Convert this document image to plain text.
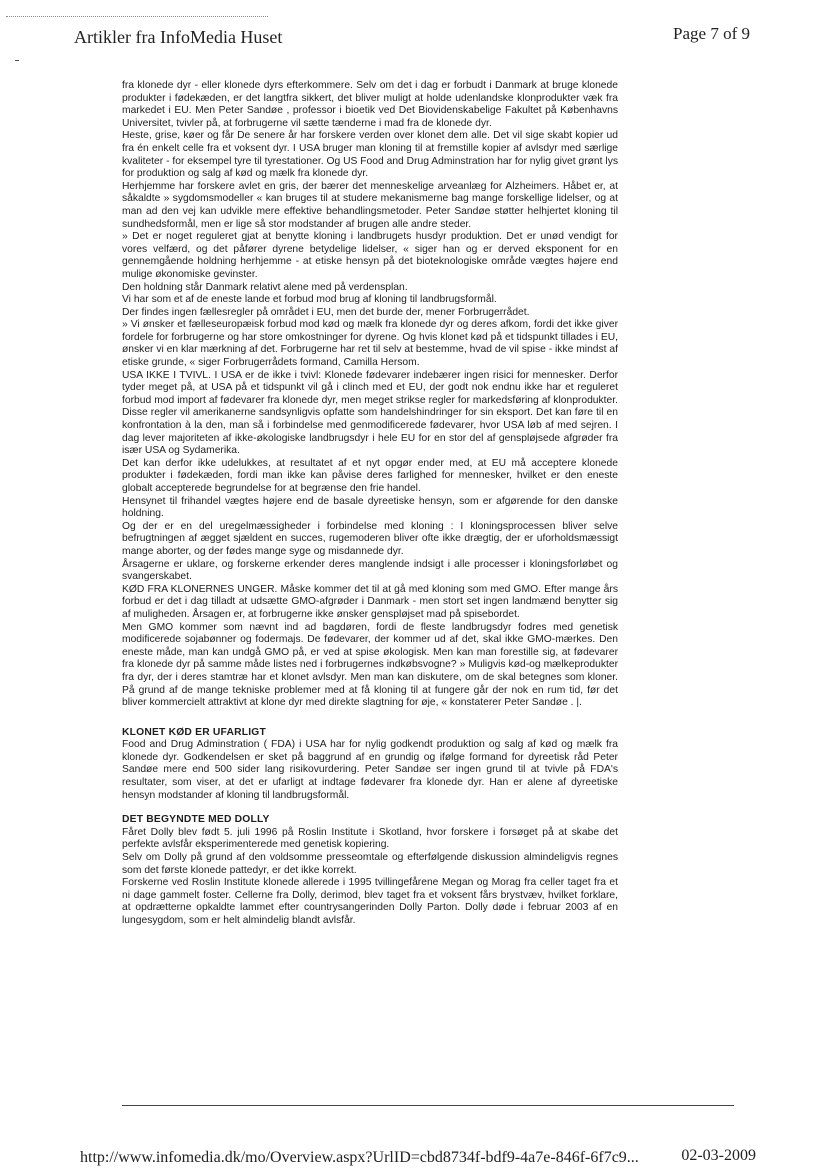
Artikler fra InfoMedia Huset	Page 7 of 9

fra klonede dyr - eller klonede dyrs efterkommere. Selv om det i dag er forbudt i Danmark at bruge klonede produkter i fødekæden, er det langtfra sikkert, det bliver muligt at holde udenlandske klonprodukter væk fra markedet i EU. Men Peter Sandøe , professor i bioetik ved Det Biovidenskabelige Fakultet på Københavns Universitet, tvivler på, at forbrugerne vil sætte tænderne i mad fra de klonede dyr.

Heste, grise, køer og får De senere år har forskere verden over klonet dem alle. Det vil sige skabt kopier ud fra én enkelt celle fra et voksent dyr. I USA bruger man kloning til at fremstille kopier af avlsdyr med særlige kvaliteter - for eksempel tyre til tyrestationer. Og US Food and Drug Adminstration har for nylig givet grønt lys for produktion og salg af kød og mælk fra klonede dyr.

Herhjemme har forskere avlet en gris, der bærer det menneskelige arveanlæg for Alzheimers. Håbet er, at såkaldte » sygdomsmodeller « kan bruges til at studere mekanismerne bag mange forskellige lidelser, og at man ad den vej kan udvikle mere effektive behandlingsmetoder. Peter Sandøe støtter helhjertet kloning til sundhedsformål, men er lige så stor modstander af brugen alle andre steder.

» Det er noget reguleret gjat at benytte kloning i landbrugets husdyr produktion. Det er unød vendigt for vores velfærd, og det påfører dyrene betydelige lidelser, « siger han og er derved eksponent for en gennemgående holdning herhjemme - at etiske hensyn på det bioteknologiske område vægtes højere end mulige økonomiske gevinster.

Den holdning står Danmark relativt alene med på verdensplan.

Vi har som et af de eneste lande et forbud mod brug af kloning til landbrugsformål.

Der findes ingen fællesregler på området i EU, men det burde der, mener Forbrugerrådet.

» Vi ønsker et fælleseuropæisk forbud mod kød og mælk fra klonede dyr og deres afkom, fordi det ikke giver fordele for forbrugerne og har store omkostninger for dyrene. Og hvis klonet kød på et tidspunkt tillades i EU, ønsker vi en klar mærkning af det. Forbrugerne har ret til selv at bestemme, hvad de vil spise - ikke mindst af etiske grunde, « siger Forbrugerrådets formand, Camilla Hersom.

USA IKKE I TVIVL. I USA er de ikke i tvivl: Klonede fødevarer indebærer ingen risici for mennesker. Derfor tyder meget på, at USA på et tidspunkt vil gå i clinch med et EU, der godt nok endnu ikke har et reguleret forbud mod import af fødevarer fra klonede dyr, men meget strikse regler for markedsføring af klonprodukter. Disse regler vil amerikanerne sandsynligvis opfatte som handelshindringer for sin eksport. Det kan føre til en konfrontation à la den, man så i forbindelse med genmodificerede fødevarer, hvor USA løb af med sejren. I dag lever majoriteten af ikke-økologiske landbrugsdyr i hele EU for en stor del af genspløjsede afgrøder fra især USA og Sydamerika.

Det kan derfor ikke udelukkes, at resultatet af et nyt opgør ender med, at EU må acceptere klonede produkter i fødekæden, fordi man ikke kan påvise deres farlighed for mennesker, hvilket er den eneste globalt accepterede begrundelse for at begrænse den frie handel.

Hensynet til frihandel vægtes højere end de basale dyreetiske hensyn, som er afgørende for den danske holdning.

Og der er en del uregelmæssigheder i forbindelse med kloning : I kloningsprocessen bliver selve befrugtningen af ægget sjældent en succes, rugemoderen bliver ofte ikke drægtig, der er uforholdsmæssigt mange aborter, og der fødes mange syge og misdannede dyr.

Årsagerne er uklare, og forskerne erkender deres manglende indsigt i alle processer i kloningsforløbet og svangerskabet.

KØD FRA KLONERNES UNGER. Måske kommer det til at gå med kloning som med GMO. Efter mange års forbud er det i dag tilladt at udsætte GMO-afgrøder i Danmark - men stort set ingen landmænd benytter sig af muligheden. Årsagen er, at forbrugerne ikke ønsker genspløjset mad på spisebordet.

Men GMO kommer som nævnt ind ad bagdøren, fordi de fleste landbrugsdyr fodres med genetisk modificerede sojabønner og fodermajs. De fødevarer, der kommer ud af det, skal ikke GMO-mærkes. Den eneste måde, man kan undgå GMO på, er ved at spise økologisk. Men kan man forestille sig, at fødevarer fra klonede dyr på samme måde listes ned i forbrugernes indkøbsvogne? » Muligvis kød-og mælkeprodukter fra dyr, der i deres stamtræ har et klonet avlsdyr. Men man kan diskutere, om de skal betegnes som kloner. På grund af de mange tekniske problemer med at få kloning til at fungere går der nok en rum tid, før det bliver kommercielt attraktivt at klone dyr med direkte slagtning for øje, « konstaterer Peter Sandøe . |.

KLONET KØD ER UFARLIGT

Food and Drug Adminstration ( FDA) i USA har for nylig godkendt produktion og salg af kød og mælk fra klonede dyr. Godkendelsen er sket på baggrund af en grundig og ifølge formand for dyreetisk råd Peter Sandøe mere end 500 sider lang risikovurdering. Peter Sandøe ser ingen grund til at tvivle på FDA's resultater, som viser, at det er ufarligt at indtage fødevarer fra klonede dyr. Han er alene af dyreetiske hensyn modstander af kloning til landbrugsformål.

DET BEGYNDTE MED DOLLY

Fåret Dolly blev født 5. juli 1996 på Roslin Institute i Skotland, hvor forskere i forsøget på at skabe det perfekte avlsfår eksperimenterede med genetisk kopiering.

Selv om Dolly på grund af den voldsomme presseomtale og efterfølgende diskussion almindeligvis regnes som det første klonede pattedyr, er det ikke korrekt.

Forskerne ved Roslin Institute klonede allerede i 1995 tvillingefårene Megan og Morag fra celler taget fra et ni dage gammelt foster. Cellerne fra Dolly, derimod, blev taget fra et voksent fårs brystvæv, hvilket forklare, at opdrætterne opkaldte lammet efter countrysangerinden Dolly Parton. Dolly døde i februar 2003 af en lungesygdom, som er helt almindelig blandt avlsfår.

http://www.infomedia.dk/mo/Overview.aspx?UrlID=cbd8734f-bdf9-4a7e-846f-6f7c9...	02-03-2009
